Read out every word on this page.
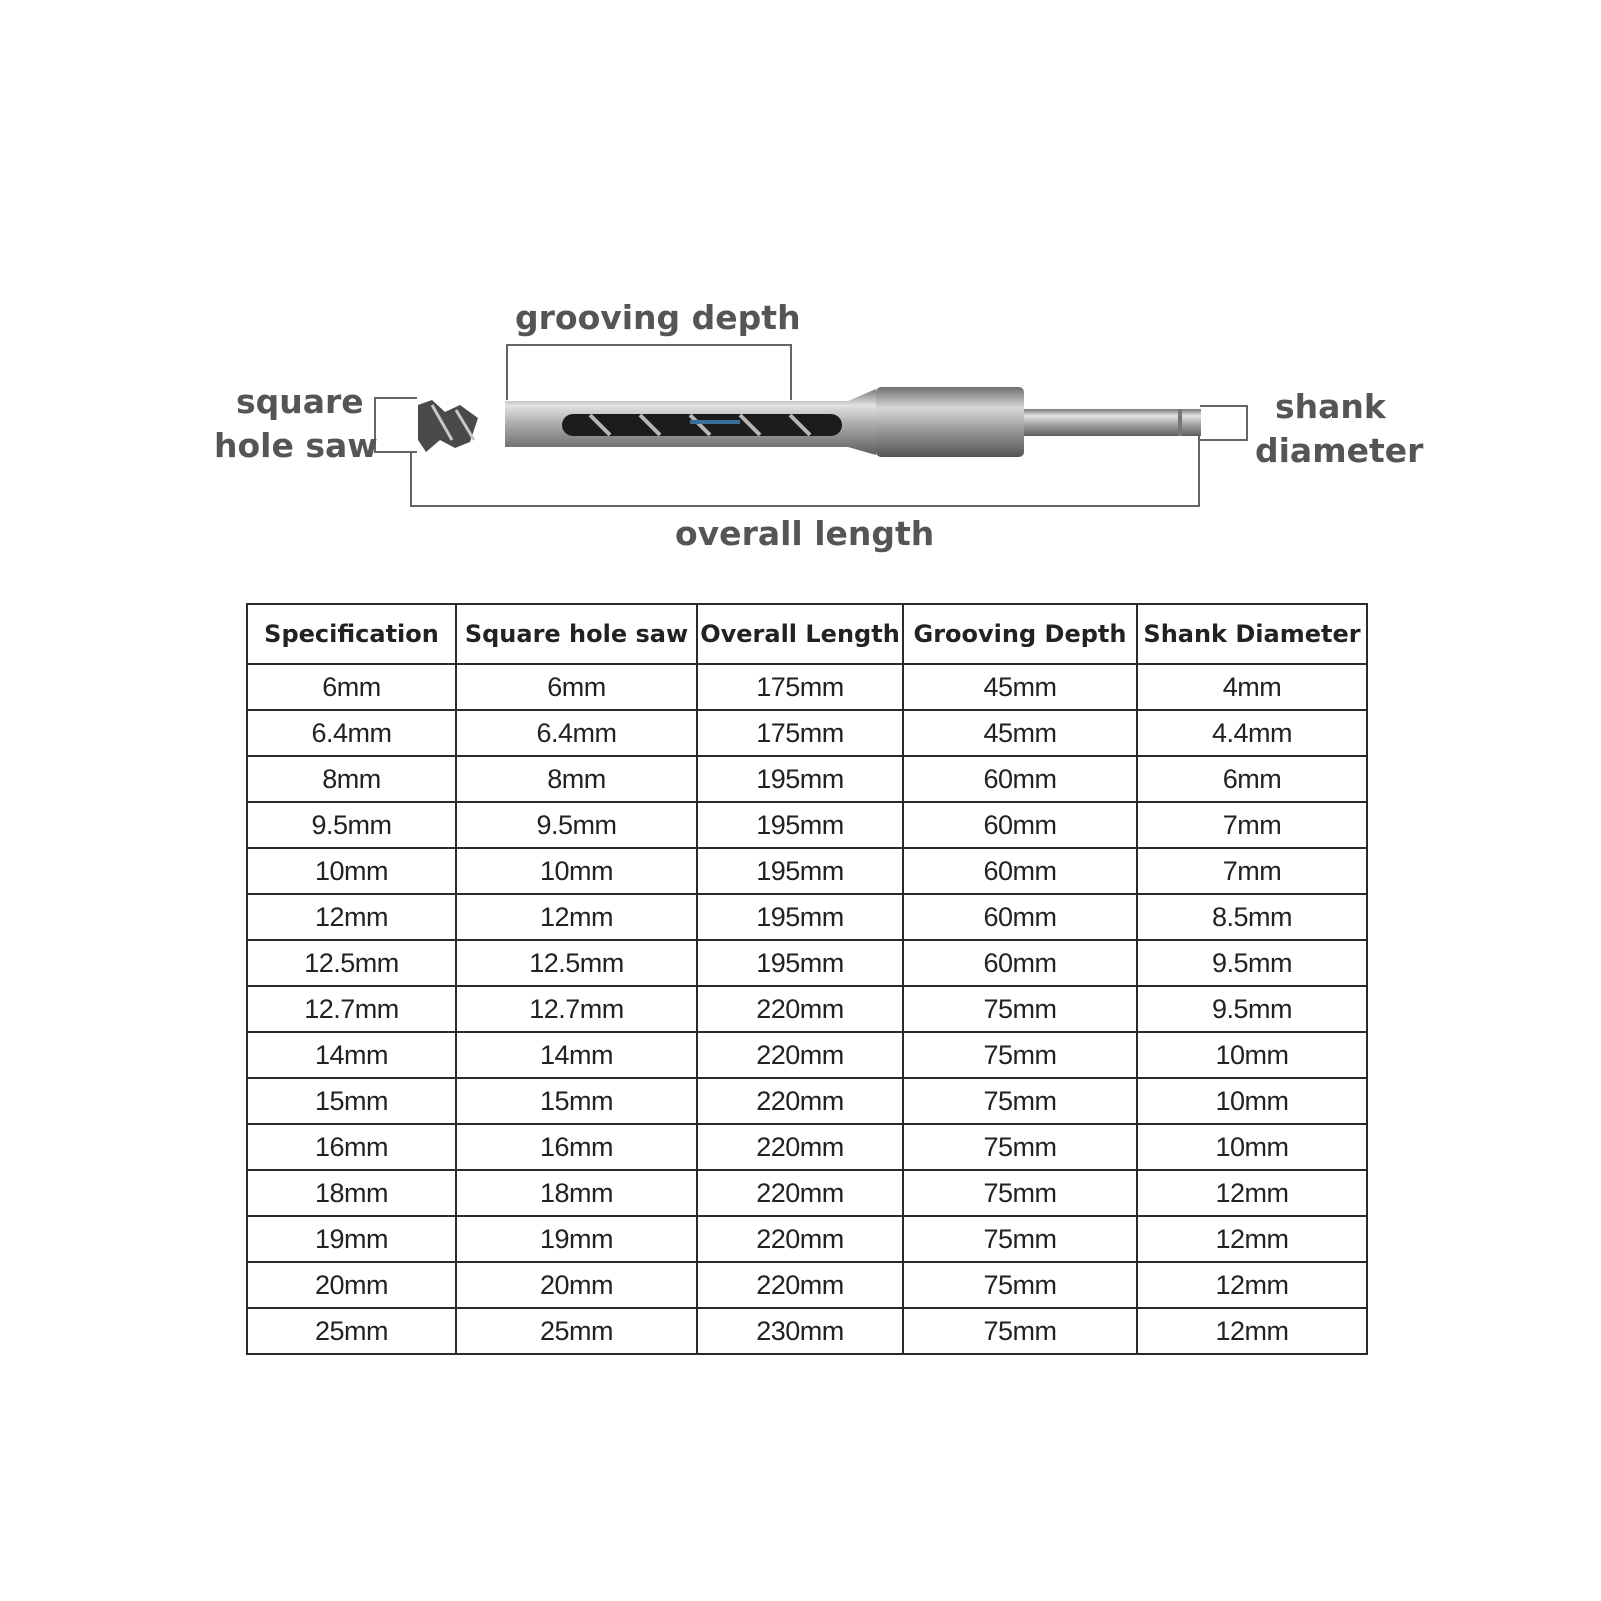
grooving depth
square
hole saw
shank
diameter
overall length
Specification	Square hole saw	Overall Length	Grooving Depth	Shank Diameter
6mm	6mm	175mm	45mm	4mm
6.4mm	6.4mm	175mm	45mm	4.4mm
8mm	8mm	195mm	60mm	6mm
9.5mm	9.5mm	195mm	60mm	7mm
10mm	10mm	195mm	60mm	7mm
12mm	12mm	195mm	60mm	8.5mm
12.5mm	12.5mm	195mm	60mm	9.5mm
12.7mm	12.7mm	220mm	75mm	9.5mm
14mm	14mm	220mm	75mm	10mm
15mm	15mm	220mm	75mm	10mm
16mm	16mm	220mm	75mm	10mm
18mm	18mm	220mm	75mm	12mm
19mm	19mm	220mm	75mm	12mm
20mm	20mm	220mm	75mm	12mm
25mm	25mm	230mm	75mm	12mm
